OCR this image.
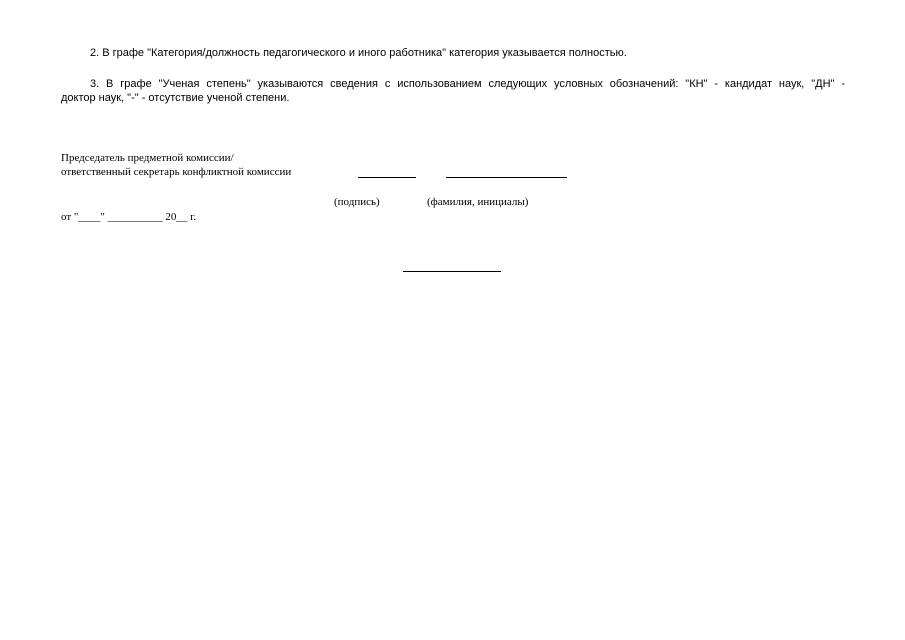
2. В графе "Категория/должность педагогического и иного работника" категория указывается полностью.
3. В графе "Ученая степень" указываются сведения с использованием следующих условных обозначений: "КН" - кандидат наук, "ДН" -
доктор наук, "-" - отсутствие ученой степени.
Председатель предметной комиссии/
ответственный секретарь конфликтной комиссии
(подпись)	(фамилия, инициалы)
от "____" __________ 20__ г.
